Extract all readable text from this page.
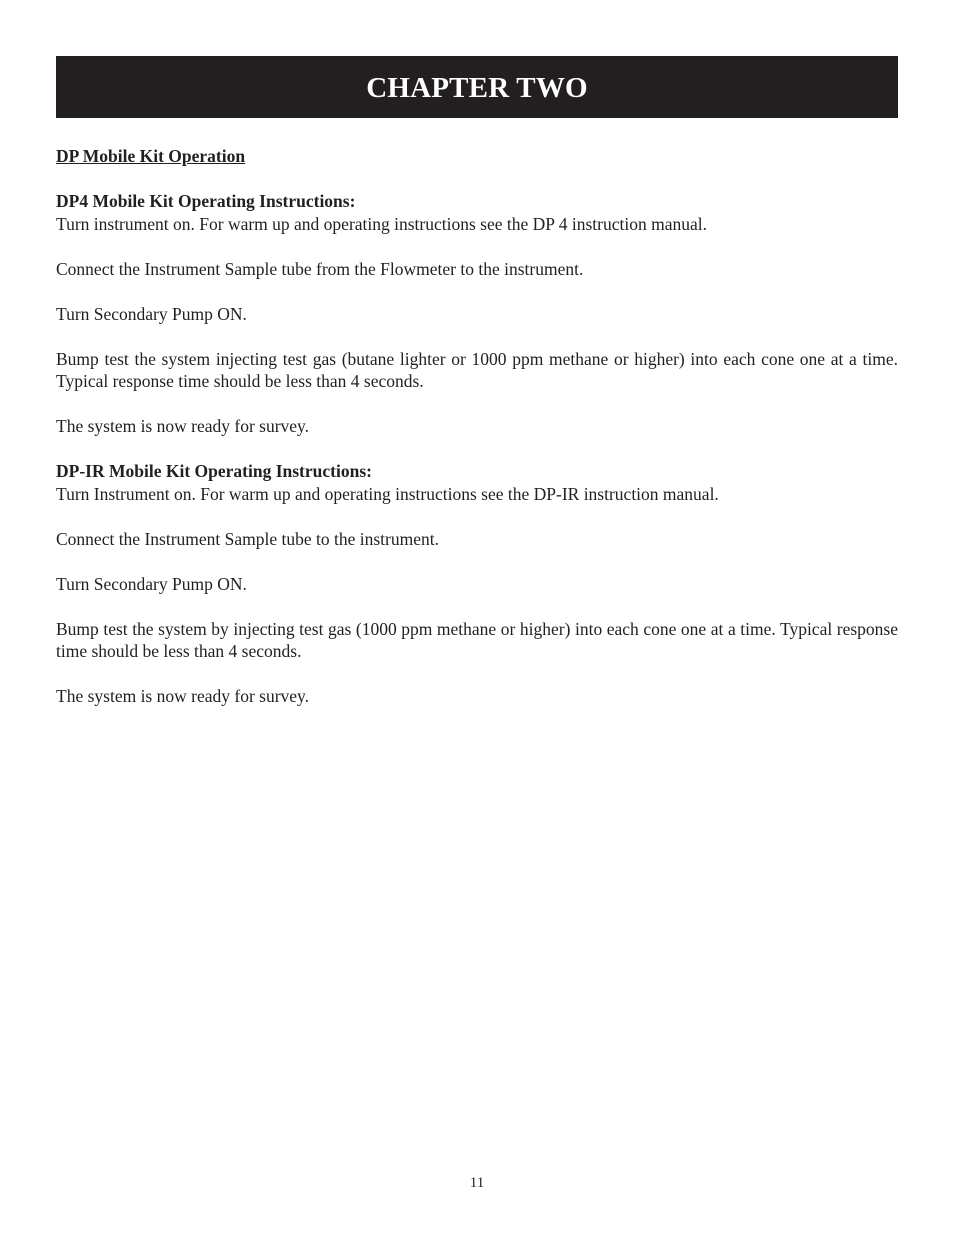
CHAPTER TWO

DP Mobile Kit Operation

DP4 Mobile Kit Operating Instructions:

Turn instrument on. For warm up and operating instructions see the DP 4 instruction manual.

Connect the Instrument Sample tube from the Flowmeter to the instrument.

Turn Secondary Pump ON.

Bump test the system injecting test gas (butane lighter or 1000 ppm methane or higher) into each cone one at a time. Typical response time should be less than 4 seconds.

The system is now ready for survey.

DP-IR Mobile Kit Operating Instructions:

Turn Instrument on. For warm up and operating instructions see the DP-IR instruction manual.

Connect the Instrument Sample tube to the instrument.

Turn Secondary Pump ON.

Bump test the system by injecting test gas (1000 ppm methane or higher) into each cone one at a time. Typical response time should be less than 4 seconds.

The system is now ready for survey.

11
